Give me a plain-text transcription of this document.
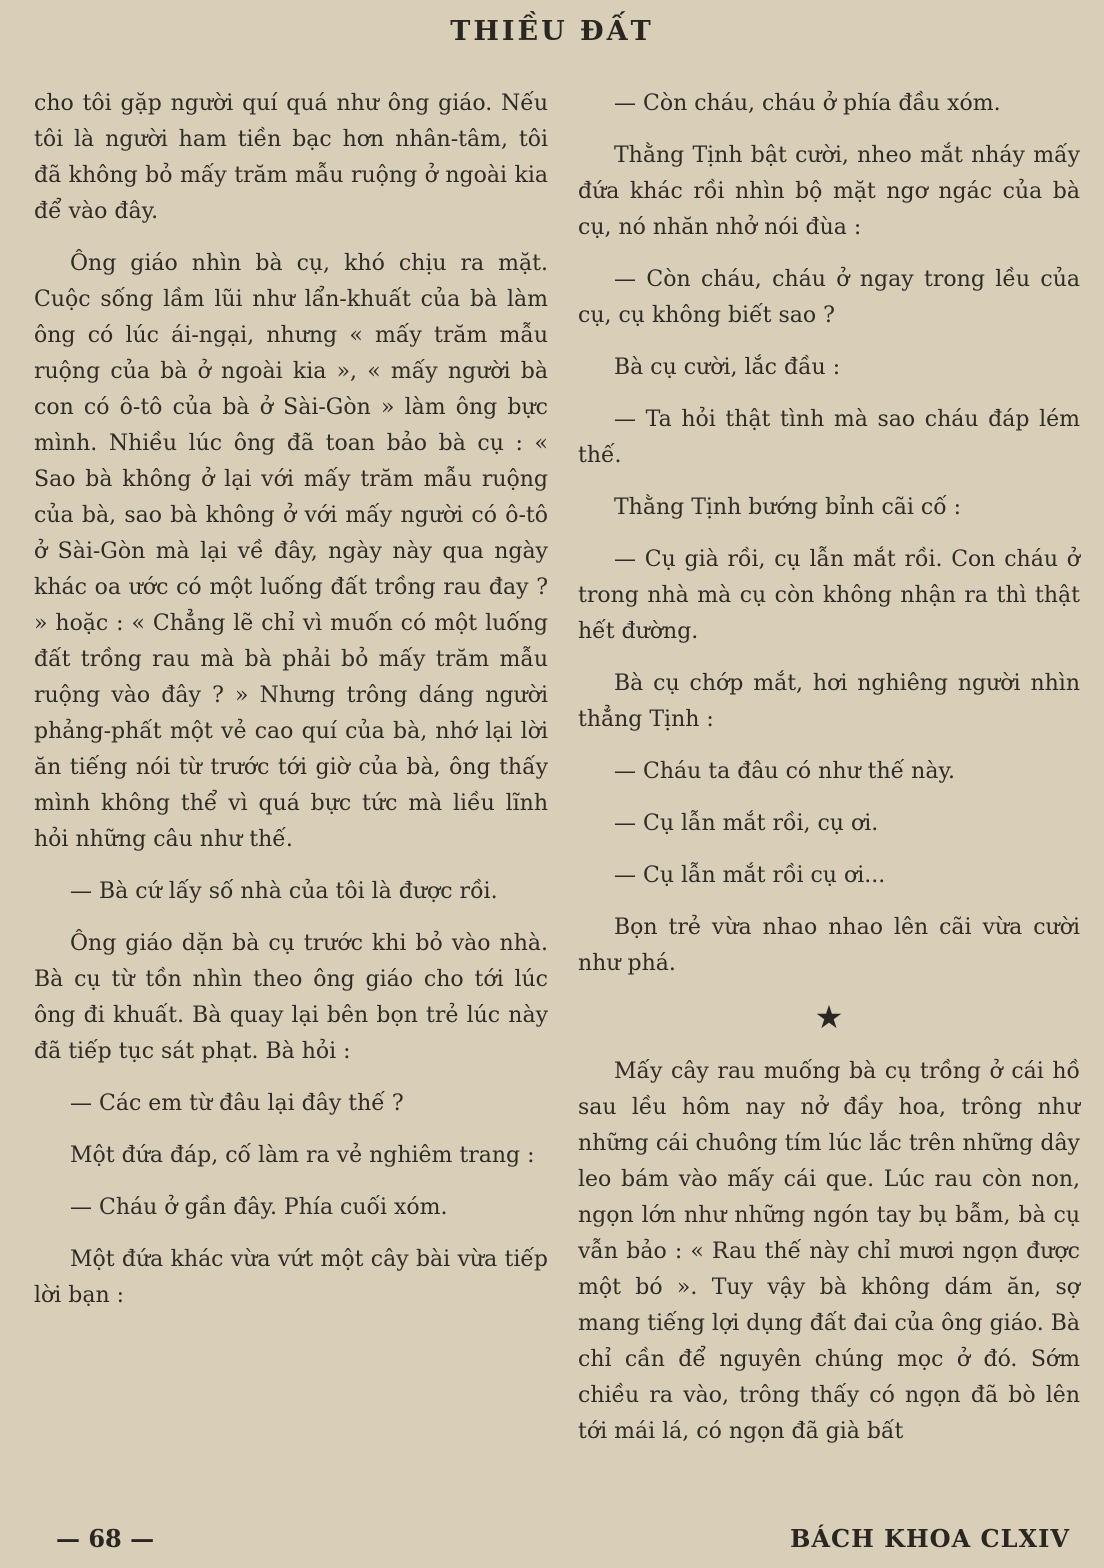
THIỀU ĐẤT

cho tôi gặp người quí quá như ông giáo. Nếu tôi là người ham tiền bạc hơn nhân-tâm, tôi đã không bỏ mấy trăm mẫu ruộng ở ngoài kia để vào đây.

Ông giáo nhìn bà cụ, khó chịu ra mặt. Cuộc sống lầm lũi như lẩn-khuất của bà làm ông có lúc ái-ngại, nhưng « mấy trăm mẫu ruộng của bà ở ngoài kia », « mấy người bà con có ô-tô của bà ở Sài-Gòn » làm ông bực mình. Nhiều lúc ông đã toan bảo bà cụ : « Sao bà không ở lại với mấy trăm mẫu ruộng của bà, sao bà không ở với mấy người có ô-tô ở Sài-Gòn mà lại về đây, ngày này qua ngày khác oa ước có một luống đất trồng rau đay ? » hoặc : « Chẳng lẽ chỉ vì muốn có một luống đất trồng rau mà bà phải bỏ mấy trăm mẫu ruộng vào đây ? » Nhưng trông dáng người phảng-phất một vẻ cao quí của bà, nhớ lại lời ăn tiếng nói từ trước tới giờ của bà, ông thấy mình không thể vì quá bực tức mà liều lĩnh hỏi những câu như thế.

— Bà cứ lấy số nhà của tôi là được rồi.

Ông giáo dặn bà cụ trước khi bỏ vào nhà. Bà cụ từ tồn nhìn theo ông giáo cho tới lúc ông đi khuất. Bà quay lại bên bọn trẻ lúc này đã tiếp tục sát phạt. Bà hỏi :

— Các em từ đâu lại đây thế ?

Một đứa đáp, cố làm ra vẻ nghiêm trang :

— Cháu ở gần đây. Phía cuối xóm.

Một đứa khác vừa vứt một cây bài vừa tiếp lời bạn :

— Còn cháu, cháu ở phía đầu xóm.

Thằng Tịnh bật cười, nheo mắt nháy mấy đứa khác rồi nhìn bộ mặt ngơ ngác của bà cụ, nó nhăn nhở nói đùa :

— Còn cháu, cháu ở ngay trong lều của cụ, cụ không biết sao ?

Bà cụ cười, lắc đầu :

— Ta hỏi thật tình mà sao cháu đáp lém thế.

Thằng Tịnh bướng bỉnh cãi cố :

— Cụ già rồi, cụ lẫn mắt rồi. Con cháu ở trong nhà mà cụ còn không nhận ra thì thật hết đường.

Bà cụ chớp mắt, hơi nghiêng người nhìn thẳng Tịnh :

— Cháu ta đâu có như thế này.

— Cụ lẫn mắt rồi, cụ ơi.

— Cụ lẫn mắt rồi cụ ơi...

Bọn trẻ vừa nhao nhao lên cãi vừa cười như phá.

★

Mấy cây rau muống bà cụ trồng ở cái hồ sau lều hôm nay nở đầy hoa, trông như những cái chuông tím lúc lắc trên những dây leo bám vào mấy cái que. Lúc rau còn non, ngọn lớn như những ngón tay bụ bẫm, bà cụ vẫn bảo : « Rau thế này chỉ mươi ngọn được một bó ». Tuy vậy bà không dám ăn, sợ mang tiếng lợi dụng đất đai của ông giáo. Bà chỉ cần để nguyên chúng mọc ở đó. Sớm chiều ra vào, trông thấy có ngọn đã bò lên tới mái lá, có ngọn đã già bất

— 68 —	BÁCH KHOA CLXIV
